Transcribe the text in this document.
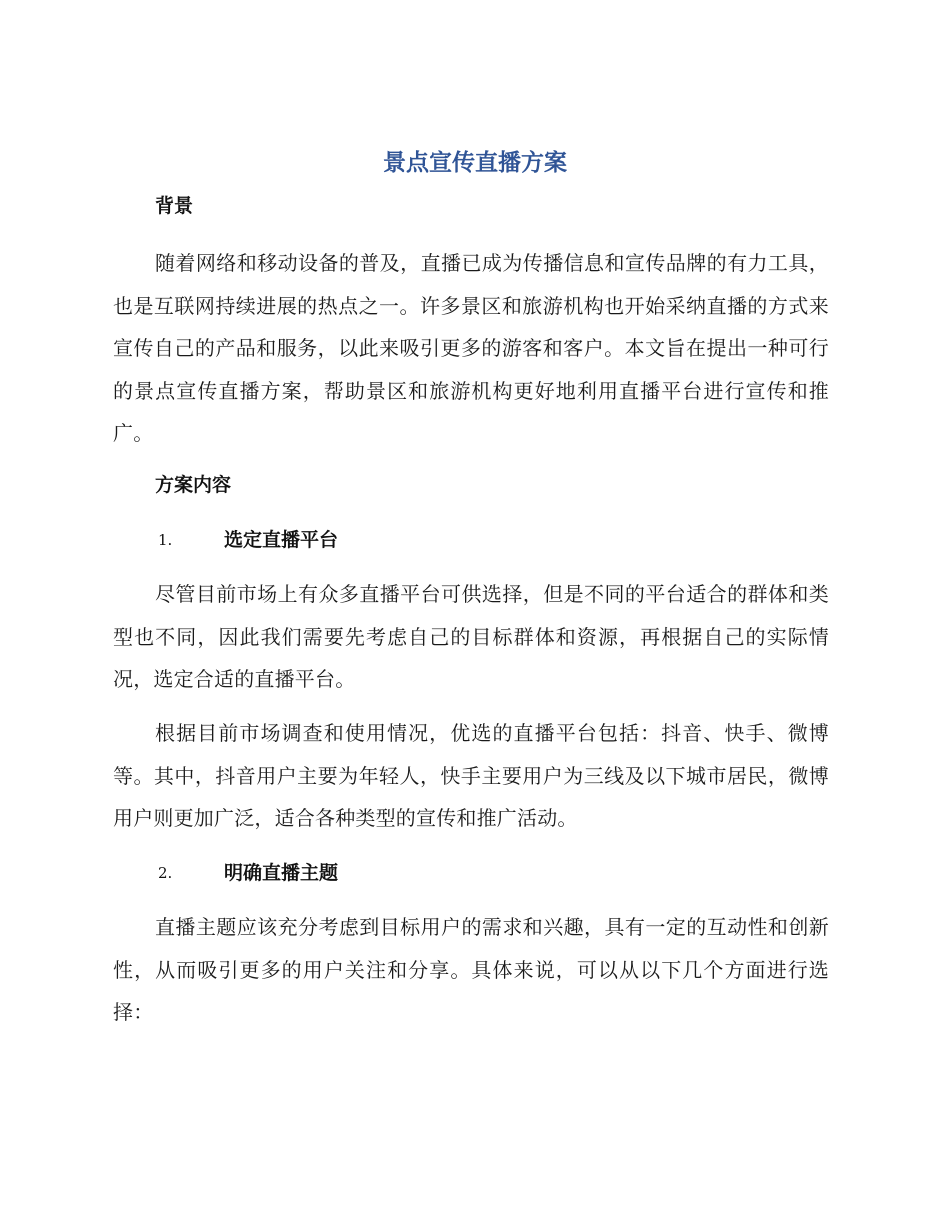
景点宣传直播方案
背景

随着网络和移动设备的普及，直播已成为传播信息和宣传品牌的有力工具，也是互联网持续进展的热点之一。许多景区和旅游机构也开始采纳直播的方式来宣传自己的产品和服务，以此来吸引更多的游客和客户。本文旨在提出一种可行的景点宣传直播方案，帮助景区和旅游机构更好地利用直播平台进行宣传和推广。

方案内容
1.	选定直播平台

尽管目前市场上有众多直播平台可供选择，但是不同的平台适合的群体和类型也不同，因此我们需要先考虑自己的目标群体和资源，再根据自己的实际情况，选定合适的直播平台。

根据目前市场调查和使用情况，优选的直播平台包括：抖音、快手、微博等。其中，抖音用户主要为年轻人，快手主要用户为三线及以下城市居民，微博用户则更加广泛，适合各种类型的宣传和推广活动。

2.	明确直播主题

直播主题应该充分考虑到目标用户的需求和兴趣，具有一定的互动性和创新性，从而吸引更多的用户关注和分享。具体来说，可以从以下几个方面进行选择：
